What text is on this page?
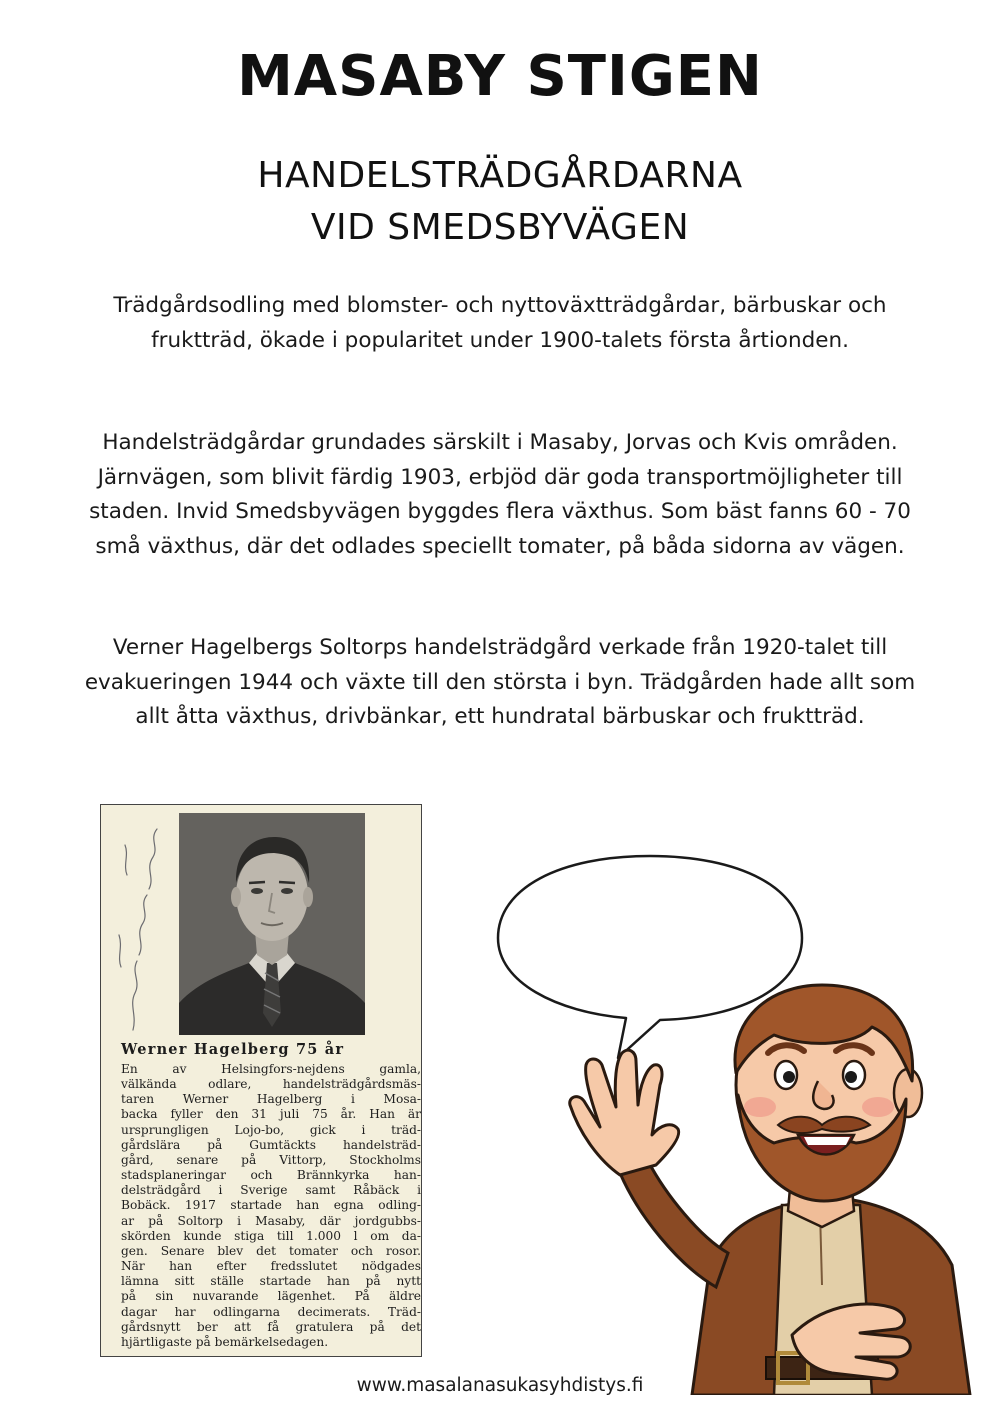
MASABY STIGEN
HANDELSTRÄDGÅRDARNA
VID SMEDSBYVÄGEN

Trädgårdsodling med blomster- och nyttoväxtträdgårdar, bärbuskar och fruktträd, ökade i popularitet under 1900-talets första årtionden.

Handelsträdgårdar grundades särskilt i Masaby, Jorvas och Kvis områden. Järnvägen, som blivit färdig 1903, erbjöd där goda transportmöjligheter till staden. Invid Smedsbyvägen byggdes flera växthus. Som bäst fanns 60 - 70 små växthus, där det odlades speciellt tomater, på båda sidorna av vägen.

Verner Hagelbergs Soltorps handelsträdgård verkade från 1920-talet till evakueringen 1944 och växte till den största i byn. Trädgården hade allt som allt åtta växthus, drivbänkar, ett hundratal bärbuskar och fruktträd.

Werner Hagelberg 75 år
En av Helsingfors-nejdens gamla,
välkända odlare, handelsträdgårdsmäs-
taren Werner Hagelberg i Mosa-
backa fyller den 31 juli 75 år. Han är
ursprungligen Lojo-bo, gick i träd-
gårdslära på Gumtäckts handelsträd-
gård, senare på Vittorp, Stockholms
stadsplaneringar och Brännkyrka han-
delsträdgård i Sverige samt Råbäck i
Bobäck. 1917 startade han egna odling-
ar på Soltorp i Masaby, där jordgubbs-
skörden kunde stiga till 1.000 l om da-
gen. Senare blev det tomater och rosor.
När han efter fredsslutet nödgades
lämna sitt ställe startade han på nytt
på sin nuvarande lägenhet. På äldre
dagar har odlingarna decimerats. Träd-
gårdsnytt ber att få gratulera på det
hjärtligaste på bemärkelsedagen.
www.masalanasukasyhdistys.fi
